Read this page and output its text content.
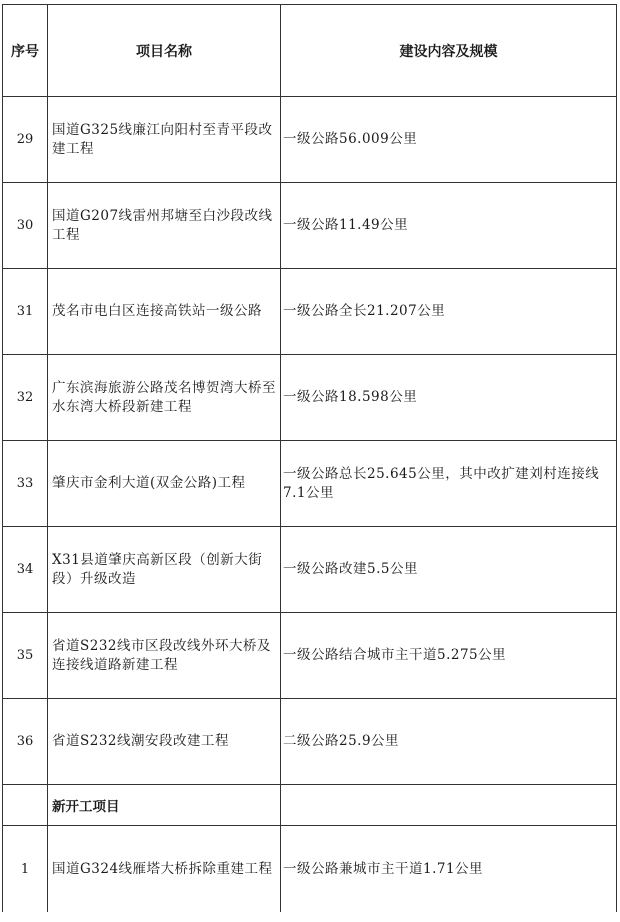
序号	项目名称	建设内容及规模
29	国道G325线廉江向阳村至青平段改建工程	一级公路56.009公里
30	国道G207线雷州邦塘至白沙段改线工程	一级公路11.49公里
31	茂名市电白区连接高铁站一级公路	一级公路全长21.207公里
32	广东滨海旅游公路茂名博贺湾大桥至水东湾大桥段新建工程	一级公路18.598公里
33	肇庆市金利大道(双金公路)工程	一级公路总长25.645公里，其中改扩建刘村连接线7.1公里
34	X31县道肇庆高新区段（创新大街段）升级改造	一级公路改建5.5公里
35	省道S232线市区段改线外环大桥及连接线道路新建工程	一级公路结合城市主干道5.275公里
36	省道S232线潮安段改建工程	二级公路25.9公里
	新开工项目	
1	国道G324线雁塔大桥拆除重建工程	一级公路兼城市主干道1.71公里
